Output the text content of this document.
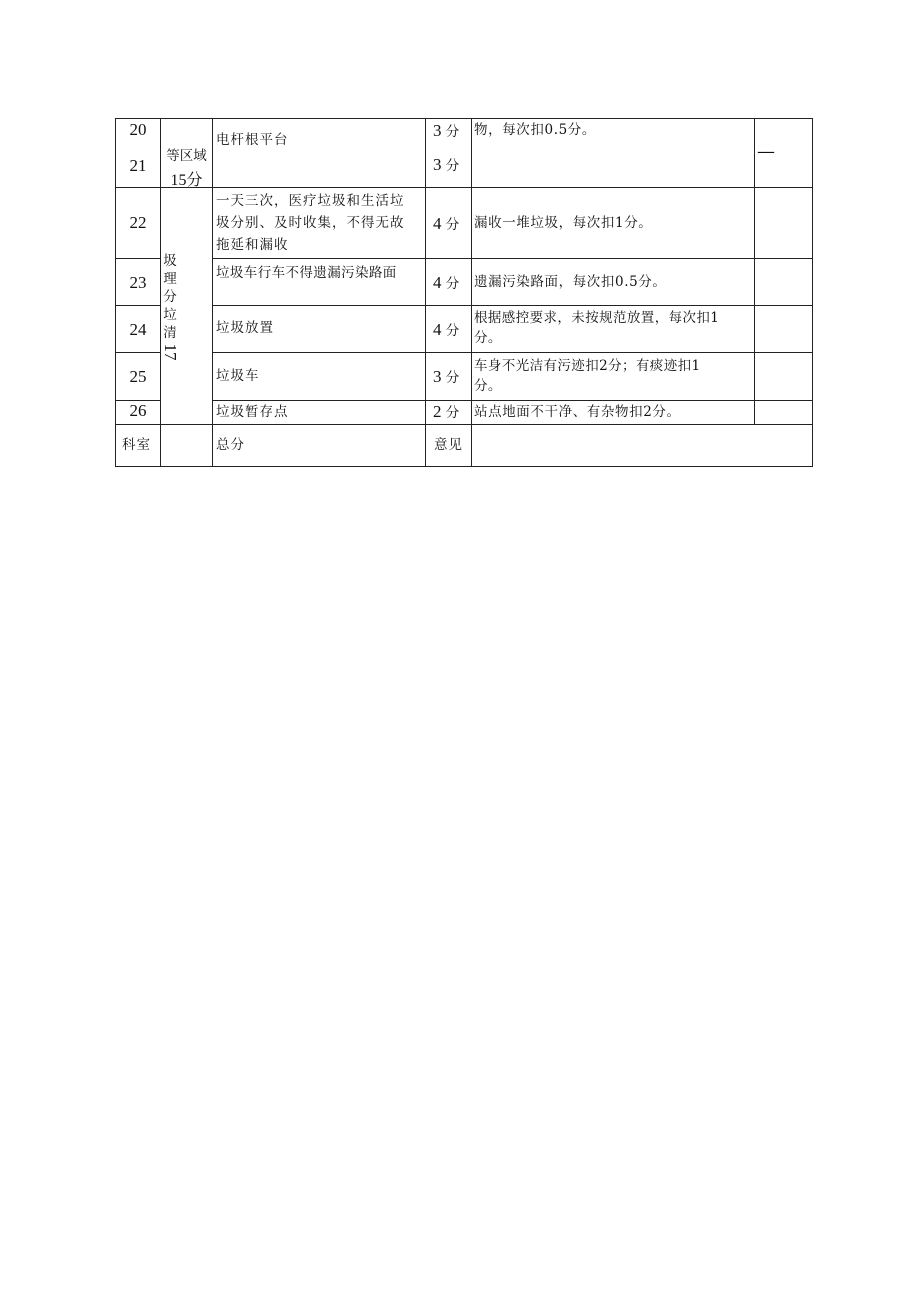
20
21
22
23
24
25
26
等区域
15分
圾
理
分
垃
清
17
电杆根平台
一天三次，医疗垃圾和生活垃
圾分别、及时收集，不得无故
拖延和漏收
垃圾车行车不得遗漏污染路面
垃圾放置
垃圾车
垃圾暂存点
3 分
3 分
4 分
4 分
4 分
3 分
2 分
物，每次扣0.5分。
漏收一堆垃圾，每次扣1分。
遗漏污染路面，每次扣0.5分。
根据感控要求，未按规范放置，每次扣1
分。
车身不光洁有污迹扣2分；有痰迹扣1
分。
站点地面不干净、有杂物扣2分。
—
科室	总分	意见
